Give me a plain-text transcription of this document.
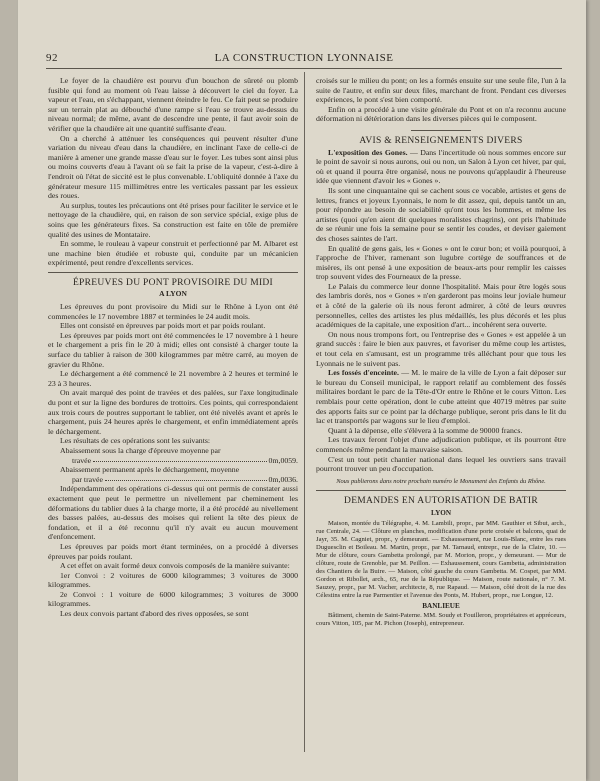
92	LA CONSTRUCTION LYONNAISE

Le foyer de la chaudière est pourvu d'un bouchon de sûreté ou plomb fusible qui fond au moment où l'eau laisse à découvert le ciel du foyer. La vapeur et l'eau, en s'échappant, viennent éteindre le feu. Ce fait peut se produire sur un terrain plat au débouché d'une rampe si l'eau se trouve au-dessus du niveau normal; de même, avant de descendre une pente, il faut avoir soin de vérifier que la chaudière ait une quantité suffisante d'eau.

On a cherché à atténuer les conséquences qui peuvent résulter d'une variation du niveau d'eau dans la chaudière, en inclinant l'axe de celle-ci de manière à amener une grande masse d'eau sur le foyer. Les tubes sont ainsi plus ou moins couverts d'eau à l'avant où se fait la prise de la vapeur, c'est-à-dire à l'endroit où l'état de siccité est le plus convenable. L'obliquité donnée à l'axe du générateur mesure 115 millimètres entre les verticales passant par les essieux des roues.

Au surplus, toutes les précautions ont été prises pour faciliter le service et le nettoyage de la chaudière, qui, en raison de son service spécial, exige plus de soins que les générateurs fixes. Sa construction est faite en tôle de première qualité des usines de Montataire.

En somme, le rouleau à vapeur construit et perfectionné par M. Albaret est une machine bien étudiée et robuste qui, conduite par un mécanicien expérimenté, peut rendre d'excellents services.

ÉPREUVES DU PONT PROVISOIRE DU MIDI
A LYON

Les épreuves du pont provisoire du Midi sur le Rhône à Lyon ont été commencées le 17 novembre 1887 et terminées le 24 audit mois.

Elles ont consisté en épreuves par poids mort et par poids roulant.

Les épreuves par poids mort ont été commencées le 17 novembre à 1 heure et le chargement a pris fin le 20 à midi; elles ont consisté à charger toute la surface du tablier à raison de 300 kilogrammes par mètre carré, au moyen de gravier du Rhône.

Le déchargement a été commencé le 21 novembre à 2 heures et terminé le 23 à 3 heures.

On avait marqué des point de travées et des palées, sur l'axe longitudinale du pont et sur la ligne des bordures de trottoirs. Ces points, qui correspondaient aux trois cours de poutres supportant le tablier, ont été nivelés avant et après le chargement, puis 24 heures après le chargement, et enfin immédiatement après le déchargement.

Les résultats de ces opérations sont les suivants:

Abaissement sous la charge d'épreuve moyenne par

travée	0m,0059.

Abaissement permanent après le déchargement, moyenne

par travée	0m,0036.

Indépendamment des opérations ci-dessus qui ont permis de constater aussi exactement que peut le permettre un nivellement par cheminement les déformations du tablier dues à la charge morte, il a été procédé au nivellement des basses palées, au-dessus des moises qui relient la tête des pieux de fondation, et il a été reconnu qu'il n'y avait eu aucun mouvement d'enfoncement.

Les épreuves par poids mort étant terminées, on a procédé à diverses épreuves par poids roulant.

A cet effet on avait formé deux convois composés de la manière suivante:

1er Convoi : 2 voitures de 6000 kilogrammes; 3 voitures de 3000 kilogrammes.

2e Convoi : 1 voiture de 6000 kilogrammes; 3 voitures de 3000 kilogrammes.

Les deux convois partant d'abord des rives opposées, se sont

croisés sur le milieu du pont; on les a formés ensuite sur une seule file, l'un à la suite de l'autre, et enfin sur deux files, marchant de front. Pendant ces diverses expériences, le pont s'est bien comporté.

Enfin on a procédé à une visite générale du Pont et on n'a reconnu aucune déformation ni détérioration dans les diverses pièces qui le composent.

AVIS & RENSEIGNEMENTS DIVERS

L'exposition des Gones. — Dans l'incertitude où nous sommes encore sur le point de savoir si nous aurons, oui ou non, un Salon à Lyon cet hiver, par qui, où et quand il pourra être organisé, nous ne pouvons qu'applaudir à l'heureuse idée que viennent d'avoir les « Gones ».

Ils sont une cinquantaine qui se cachent sous ce vocable, artistes et gens de lettres, francs et joyeux Lyonnais, le nom le dit assez, qui, depuis tantôt un an, pour répondre au besoin de sociabilité qu'ont tous les hommes, et même les artistes (quoi qu'en aient dit quelques moralistes chagrins), ont pris l'habitude de se réunir une fois la semaine pour se sentir les coudes, et deviser gaiement des choses saintes de l'art.

En qualité de gens gais, les « Gones » ont le cœur bon; et voilà pourquoi, à l'approche de l'hiver, ramenant son lugubre cortège de souffrances et de misères, ils ont pensé à une exposition de beaux-arts pour remplir les caisses trop souvent vides des Fourneaux de la presse.

Le Palais du commerce leur donne l'hospitalité. Mais pour être logés sous des lambris dorés, nos « Gones » n'en garderont pas moins leur joviale humeur et à côté de la galerie où ils nous feront admirer, à côté de leurs œuvres personnelles, celles des artistes les plus médaillés, les plus décorés et les plus académiques de la capitale, une exposition d'art... incohérent sera ouverte.

On nous nous trompons fort, ou l'entreprise des « Gones » est appelée à un grand succès : faire le bien aux pauvres, et favoriser du même coup les artistes, et tout cela en s'amusant, est un programme très alléchant pour que tous les Lyonnais ne le suivent pas.

Les fossés d'enceinte. — M. le maire de la ville de Lyon a fait déposer sur le bureau du Conseil municipal, le rapport relatif au comblement des fossés militaires bordant le parc de la Tête-d'Or entre le Rhône et le cours Vitton. Les remblais pour cette opération, dont le cube atteint que 40719 mètres par suite des apports faits sur ce point par la décharge publique, seront pris dans le lit du lac et transportés par wagons sur le lieu d'emploi.

Quant à la dépense, elle s'élèvera à la somme de 90000 francs.

Les travaux feront l'objet d'une adjudication publique, et ils pourront être commencés même pendant la mauvaise saison.

C'est un tout petit chantier national dans lequel les ouvriers sans travail pourront trouver un peu d'occupation.

Nous publierons dans notre prochain numéro le Monument des Enfants du Rhône.
DEMANDES EN AUTORISATION DE BATIR
LYON

Maison, montée du Télégraphe, 4. M. Lambili, propr., par MM. Gauthier et Sibut, arch., rue Centrale, 24. — Clôture en planches, modification d'une porte croisée et balcons, quai de Jayr, 35. M. Cagniet, propr., y demeurant. — Exhaussement, rue Louis-Blanc, entre les rues Duguesclin et Boileau. M. Martin, propr., par M. Tarnaud, entrepr., rue de la Claire, 10. — Mur de clôture, cours Gambetta prolongé, par M. Morion, propr., y demeurant. — Mur de clôture, route de Grenoble, par M. Peillon. — Exhaussement, cours Gambetta, administration des Chantiers de la Buire. — Maison, côté gauche du cours Gambetta. M. Cospet, par MM. Gordon et Ribollet, arch., 65, rue de la République. — Maison, route nationale, n° 7. M. Sauzey, propr., par M. Vacher, architecte, 8, rue Rapaud. — Maison, côté droit de la rue des Célestins entre la rue Parmentier et l'avenue des Ponts, M. Hubert, propr., rue Longue, 12.

BANLIEUE

Bâtiment, chemin de Saint-Paterne. MM. Soudy et Fouilleron, propriétaires et appréceurs, cours Vitton, 105, par M. Pichon (Joseph), entrepreneur.
